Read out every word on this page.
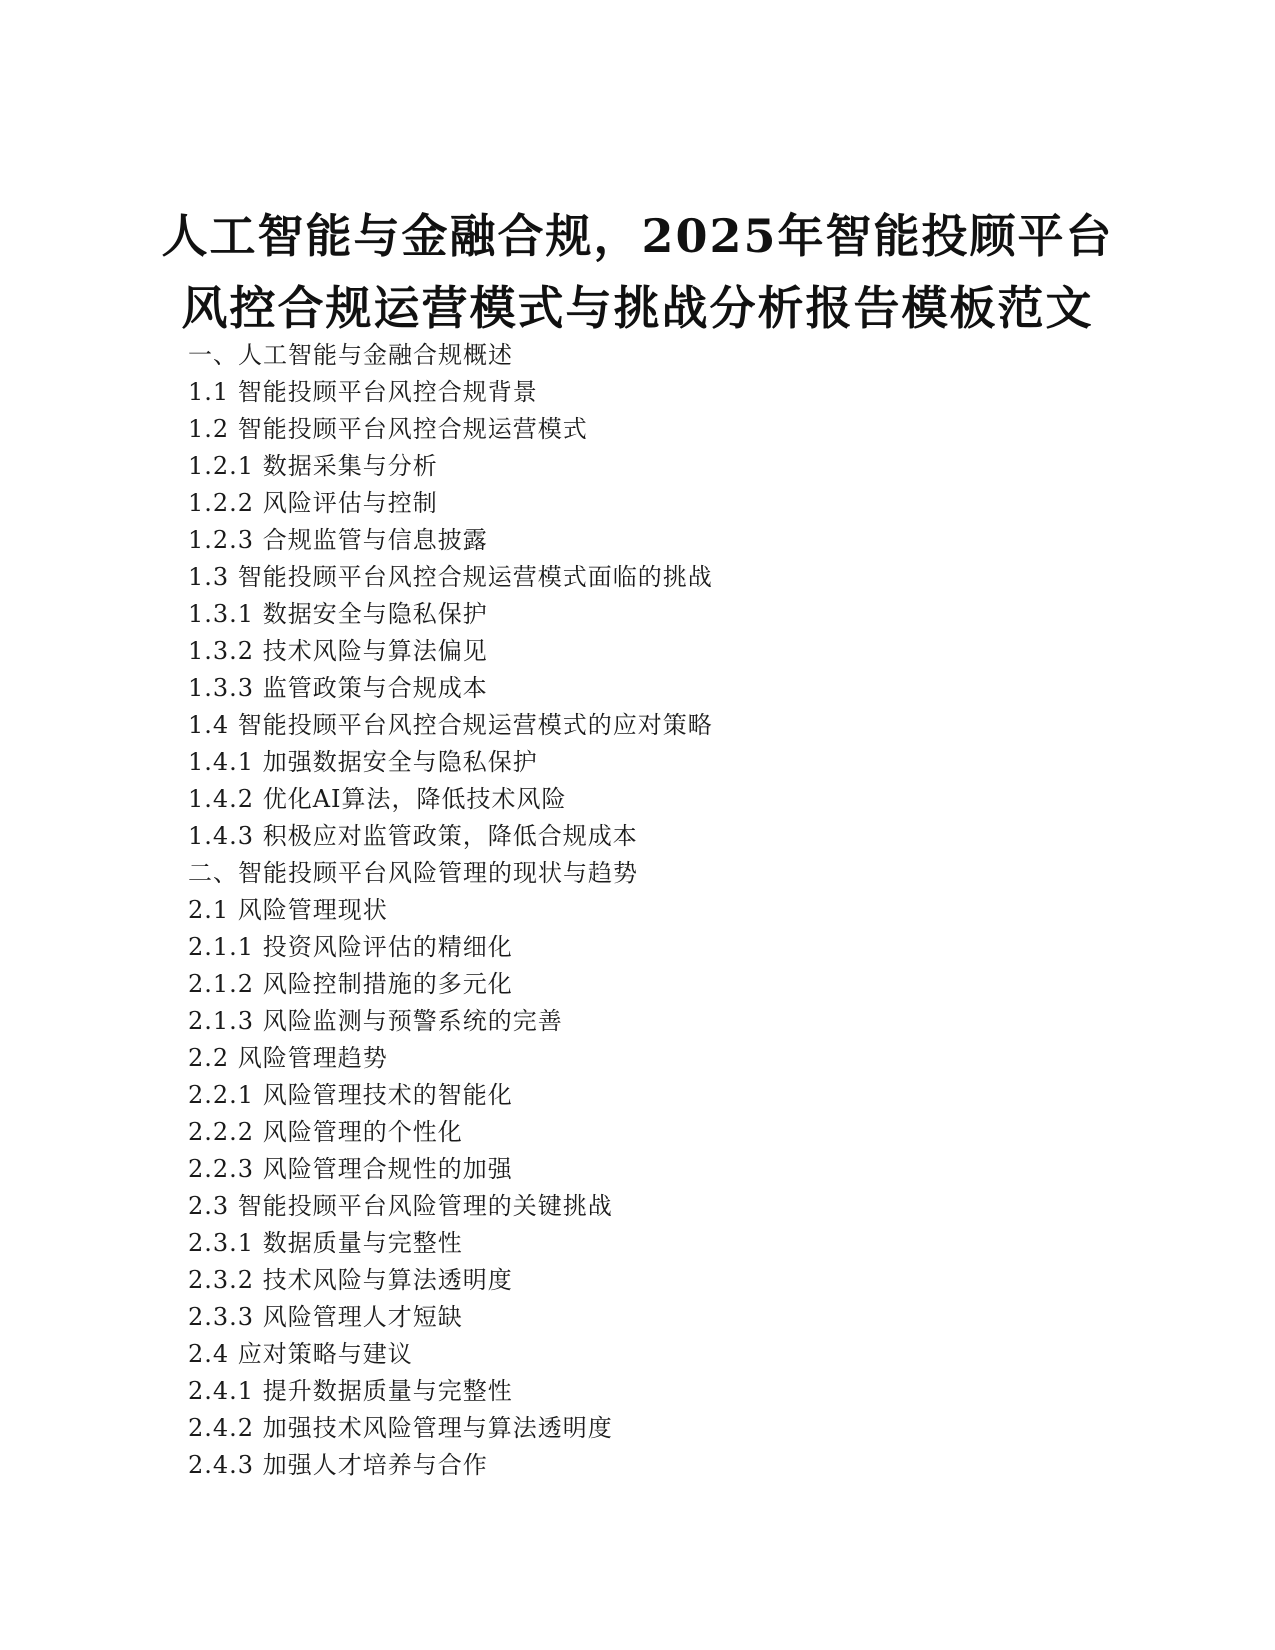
人工智能与金融合规，2025年智能投顾平台
风控合规运营模式与挑战分析报告模板范文
一、人工智能与金融合规概述
1.1 智能投顾平台风控合规背景
1.2 智能投顾平台风控合规运营模式
1.2.1 数据采集与分析
1.2.2 风险评估与控制
1.2.3 合规监管与信息披露
1.3 智能投顾平台风控合规运营模式面临的挑战
1.3.1 数据安全与隐私保护
1.3.2 技术风险与算法偏见
1.3.3 监管政策与合规成本
1.4 智能投顾平台风控合规运营模式的应对策略
1.4.1 加强数据安全与隐私保护
1.4.2 优化AI算法，降低技术风险
1.4.3 积极应对监管政策，降低合规成本
二、智能投顾平台风险管理的现状与趋势
2.1 风险管理现状
2.1.1 投资风险评估的精细化
2.1.2 风险控制措施的多元化
2.1.3 风险监测与预警系统的完善
2.2 风险管理趋势
2.2.1 风险管理技术的智能化
2.2.2 风险管理的个性化
2.2.3 风险管理合规性的加强
2.3 智能投顾平台风险管理的关键挑战
2.3.1 数据质量与完整性
2.3.2 技术风险与算法透明度
2.3.3 风险管理人才短缺
2.4 应对策略与建议
2.4.1 提升数据质量与完整性
2.4.2 加强技术风险管理与算法透明度
2.4.3 加强人才培养与合作
